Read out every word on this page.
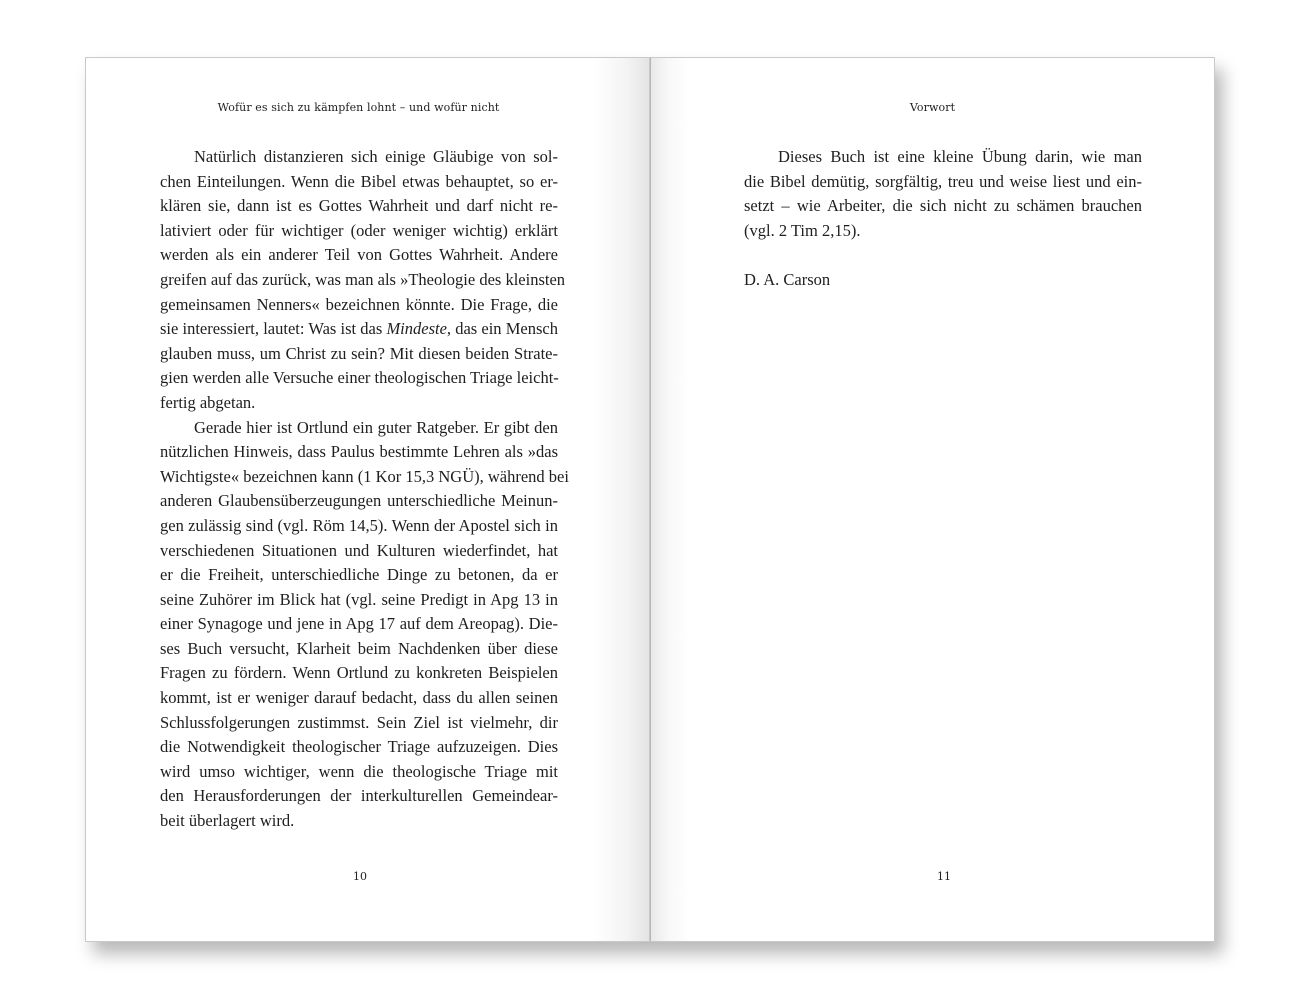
Wofür es sich zu kämpfen lohnt – und wofür nicht
Natürlich distanzieren sich einige Gläubige von sol-
chen Einteilungen. Wenn die Bibel etwas behauptet, so er-
klären sie, dann ist es Gottes Wahrheit und darf nicht re-
lativiert oder für wichtiger (oder weniger wichtig) erklärt
werden als ein anderer Teil von Gottes Wahrheit. Andere
greifen auf das zurück, was man als »Theologie des kleinsten
gemeinsamen Nenners« bezeichnen könnte. Die Frage, die
sie interessiert, lautet: Was ist das Mindeste, das ein Mensch
glauben muss, um Christ zu sein? Mit diesen beiden Strate-
gien werden alle Versuche einer theologischen Triage leicht-
fertig abgetan.
Gerade hier ist Ortlund ein guter Ratgeber. Er gibt den
nützlichen Hinweis, dass Paulus bestimmte Lehren als »das
Wichtigste« bezeichnen kann (1 Kor 15,3 NGÜ), während bei
anderen Glaubensüberzeugungen unterschiedliche Meinun-
gen zulässig sind (vgl. Röm 14,5). Wenn der Apostel sich in
verschiedenen Situationen und Kulturen wiederfindet, hat
er die Freiheit, unterschiedliche Dinge zu betonen, da er
seine Zuhörer im Blick hat (vgl. seine Predigt in Apg 13 in
einer Synagoge und jene in Apg 17 auf dem Areopag). Die-
ses Buch versucht, Klarheit beim Nachdenken über diese
Fragen zu fördern. Wenn Ortlund zu konkreten Beispielen
kommt, ist er weniger darauf bedacht, dass du allen seinen
Schlussfolgerungen zustimmst. Sein Ziel ist vielmehr, dir
die Notwendigkeit theologischer Triage aufzuzeigen. Dies
wird umso wichtiger, wenn die theologische Triage mit
den Herausforderungen der interkulturellen Gemeindear-
beit überlagert wird.
10
Vorwort
Dieses Buch ist eine kleine Übung darin, wie man
die Bibel demütig, sorgfältig, treu und weise liest und ein-
setzt – wie Arbeiter, die sich nicht zu schämen brauchen
(vgl. 2 Tim 2,15).
D. A. Carson
11
